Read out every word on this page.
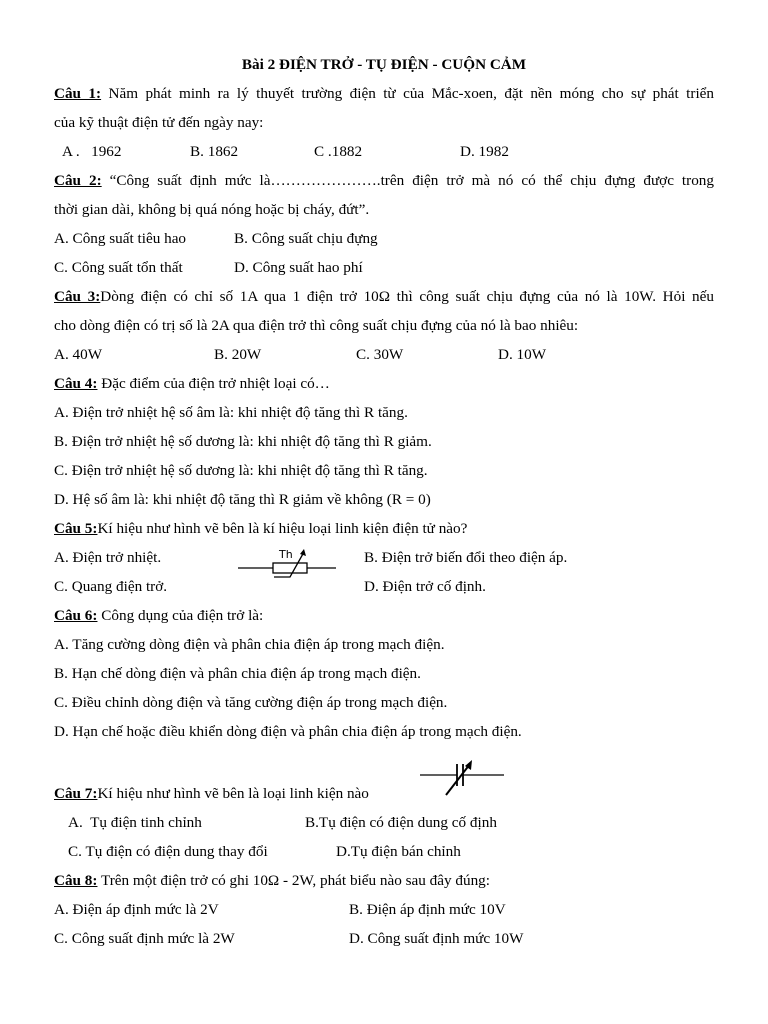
Bài 2 ĐIỆN TRỞ - TỤ ĐIỆN - CUỘN CẢM
Câu 1: Năm phát minh ra lý thuyết trường điện từ của Mắc-xoen, đặt nền móng cho sự phát triển
của kỹ thuật điện tử đến ngày nay:
A .   1962	B. 1862	C .1882	D. 1982
Câu 2: “Công suất định mức là………………….trên điện trở mà nó có thể chịu đựng được trong
thời gian dài, không bị quá nóng hoặc bị cháy, đứt”.
A. Công suất tiêu hao	B. Công suất chịu đựng
C. Công suất tổn thất	D. Công suất hao phí
Câu 3:Dòng điện có chỉ số 1A qua 1 điện trở 10Ω thì công suất chịu đựng của nó là 10W. Hỏi nếu
cho dòng điện có trị số là 2A qua điện trở thì công suất chịu đựng của nó là bao nhiêu:
A. 40W	B. 20W	C. 30W	D. 10W
Câu 4: Đặc điểm của điện trở nhiệt loại có…
A. Điện trở nhiệt hệ số âm là: khi nhiệt độ tăng thì R tăng.
B. Điện trở nhiệt hệ số dương là: khi nhiệt độ tăng thì R giảm.
C. Điện trở nhiệt hệ số dương là: khi nhiệt độ tăng thì R tăng.
D. Hệ số âm là: khi nhiệt độ tăng thì R giảm về không (R = 0)
Câu 5:Kí hiệu như hình vẽ bên là kí hiệu loại linh kiện điện tử nào?
A. Điện trở nhiệt.	B. Điện trở biến đổi theo điện áp.
C. Quang điện trở.	D. Điện trở cố định.
Th
Câu 6: Công dụng của điện trở là:
A. Tăng cường dòng điện và phân chia điện áp trong mạch điện.
B. Hạn chế dòng điện và phân chia điện áp trong mạch điện.
C. Điều chỉnh dòng điện và tăng cường điện áp trong mạch điện.
D. Hạn chế hoặc điều khiển dòng điện và phân chia điện áp trong mạch điện.
Câu 7:Kí hiệu như hình vẽ bên là loại linh kiện nào
A.  Tụ điện tinh chỉnh	B.Tụ điện có điện dung cố định
C. Tụ điện có điện dung thay đổi	D.Tụ điện bán chỉnh
Câu 8: Trên một điện trở có ghi 10Ω - 2W, phát biểu nào sau đây đúng:
A. Điện áp định mức là 2V	B. Điện áp định mức 10V
C. Công suất định mức là 2W	D. Công suất định mức 10W
